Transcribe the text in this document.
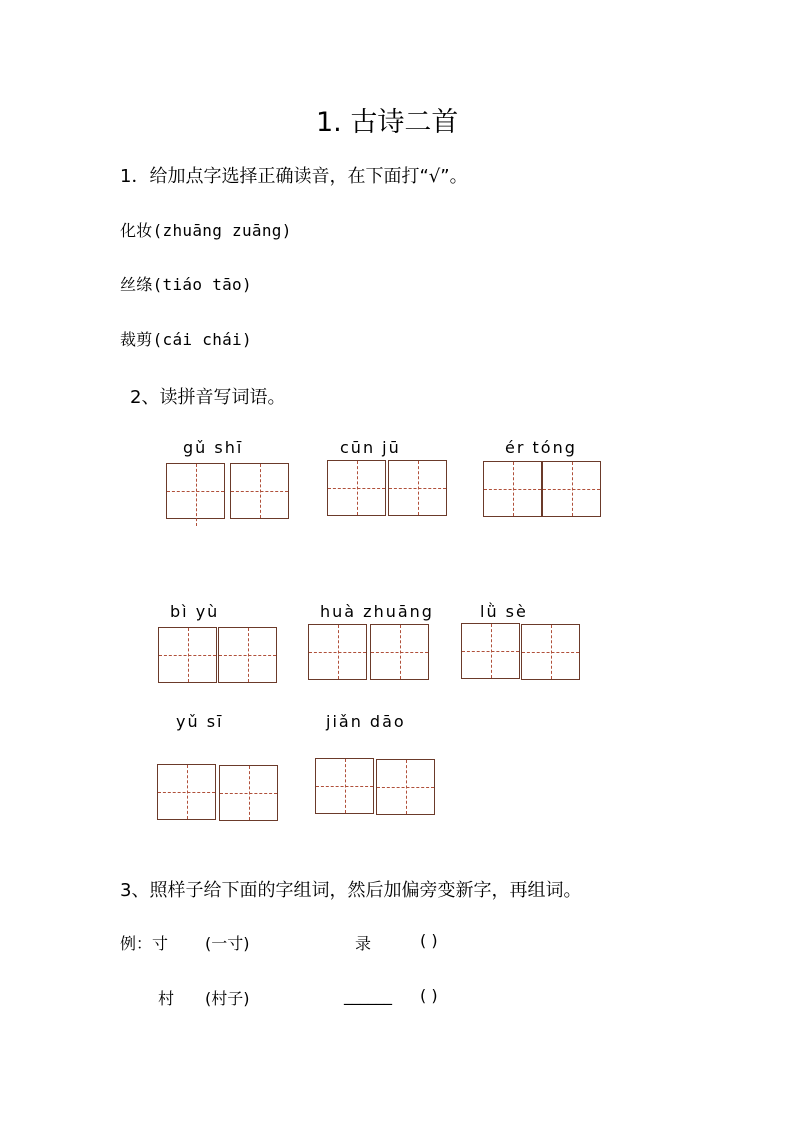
1. 古诗二首
1．给加点字选择正确读音，在下面打“√”。
化妆(zhuāng zuāng)
丝绦(tiáo tāo)
裁剪(cái chái)
2、读拼音写词语。
gǔ shī	cūn jū	ér tóng
bì yù	huà zhuāng	lǜ sè
yǔ sī	jiǎn dāo
3、照样子给下面的字组词，然后加偏旁变新字，再组词。
例：寸 (一寸)	录	( )
村 (村子)	______ ( )
